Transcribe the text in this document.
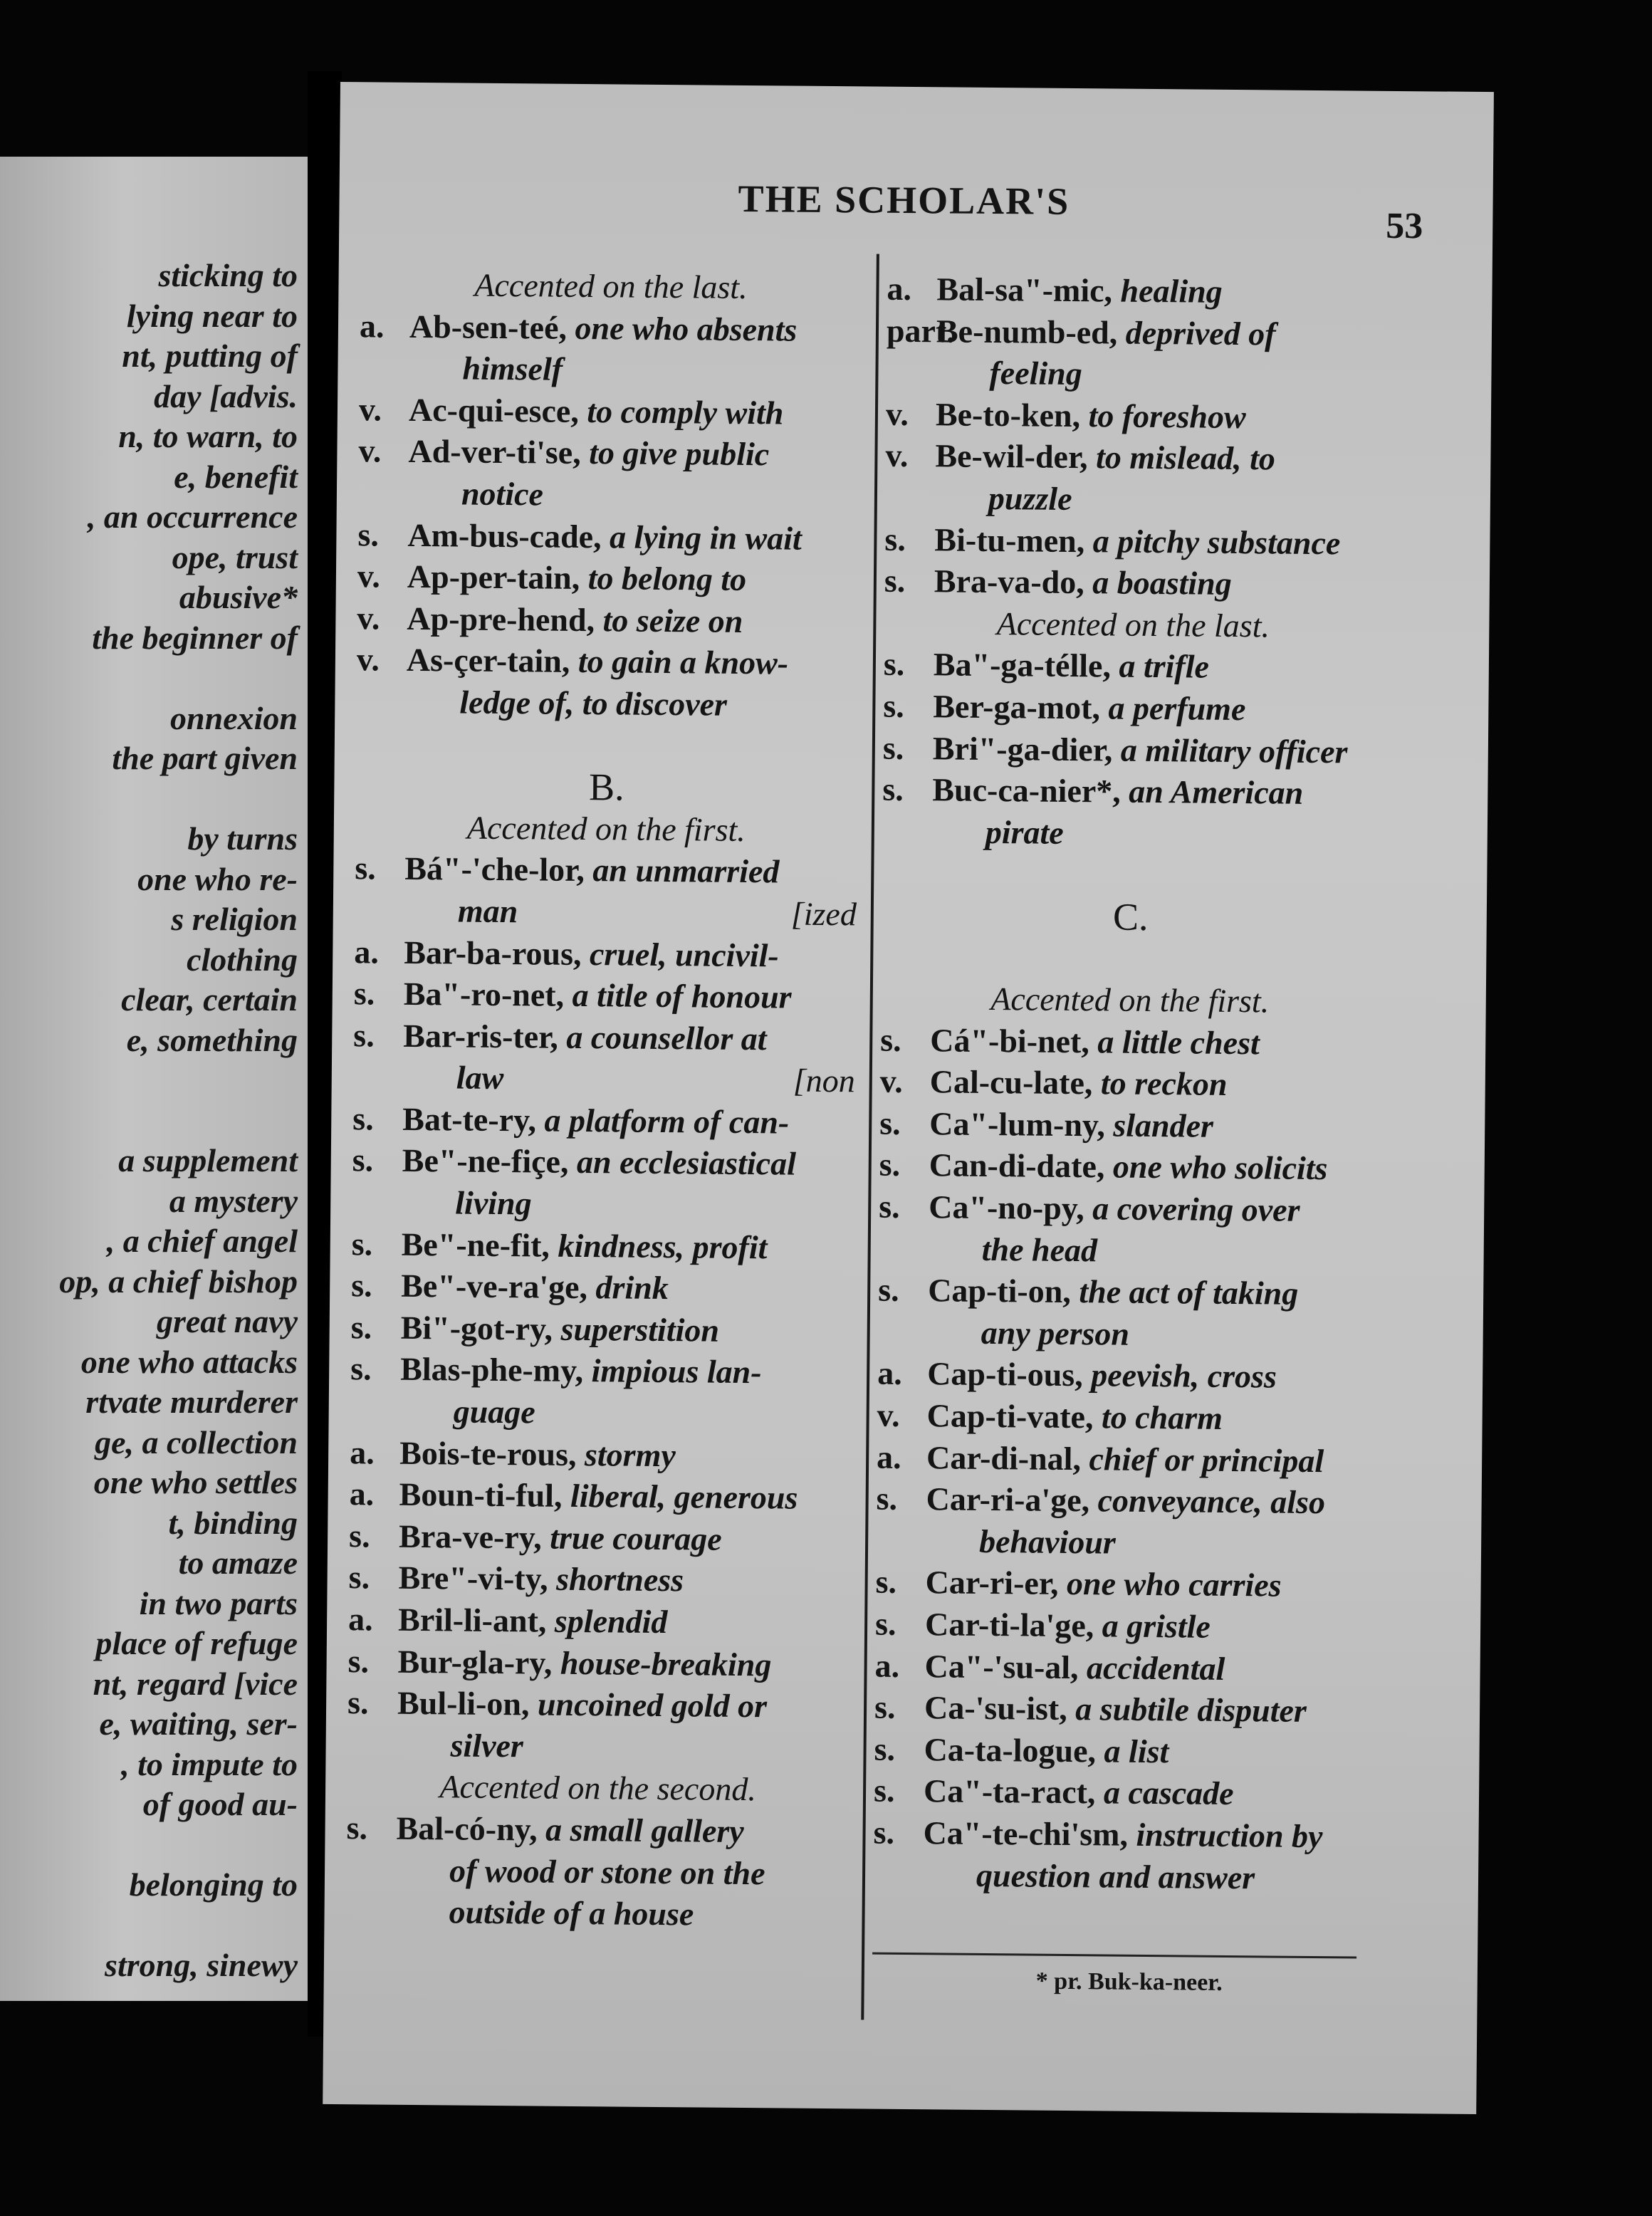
sticking to
lying near to
nt, putting of
day [advis.
n, to warn, to
e, benefit
, an occurrence
ope, trust
abusive*
the beginner of
onnexion
the part given
by turns
one who re-
s religion
clothing
clear, certain
e, something
a supplement
a mystery
, a chief angel
op, a chief bishop
great navy
one who attacks
rtvate murderer
ge, a collection
one who settles
t, binding
to amaze
in two parts
place of refuge
nt, regard [vice
e, waiting, ser-
, to impute to
of good au-
belonging to
strong, sinewy
THE SCHOLAR'S
53
Accented on the last.
a. Ab-sen-teé, one who absents
himself
v. Ac-qui-esce, to comply with
v. Ad-ver-ti'se, to give public
notice
s. Am-bus-cade, a lying in wait
v. Ap-per-tain, to belong to
v. Ap-pre-hend, to seize on
v. As-çer-tain, to gain a know-
ledge of, to discover
B.
Accented on the first.
s. Bá"-'che-lor, an unmarried
man	[ized
a. Bar-ba-rous, cruel, uncivil-
s. Ba"-ro-net, a title of honour
s. Bar-ris-ter, a counsellor at
law	[non
s. Bat-te-ry, a platform of can-
s. Be"-ne-fiçe, an ecclesiastical
living
s. Be"-ne-fit, kindness, profit
s. Be"-ve-ra'ge, drink
s. Bi"-got-ry, superstition
s. Blas-phe-my, impious lan-
guage
a. Bois-te-rous, stormy
a. Boun-ti-ful, liberal, generous
s. Bra-ve-ry, true courage
s. Bre"-vi-ty, shortness
a. Bril-li-ant, splendid
s. Bur-gla-ry, house-breaking
s. Bul-li-on, uncoined gold or
silver
Accented on the second.
s. Bal-có-ny, a small gallery
of wood or stone on the
outside of a house
a. Bal-sa"-mic, healing
part.Be-numb-ed, deprived of
feeling
v. Be-to-ken, to foreshow
v. Be-wil-der, to mislead, to
puzzle
s. Bi-tu-men, a pitchy substance
s. Bra-va-do, a boasting
Accented on the last.
s. Ba"-ga-télle, a trifle
s. Ber-ga-mot, a perfume
s. Bri"-ga-dier, a military officer
s. Buc-ca-nier*, an American
pirate
C.
Accented on the first.
s. Cá"-bi-net, a little chest
v. Cal-cu-late, to reckon
s. Ca"-lum-ny, slander
s. Can-di-date, one who solicits
s. Ca"-no-py, a covering over
the head
s. Cap-ti-on, the act of taking
any person
a. Cap-ti-ous, peevish, cross
v. Cap-ti-vate, to charm
a. Car-di-nal, chief or principal
s. Car-ri-a'ge, conveyance, also
behaviour
s. Car-ri-er, one who carries
s. Car-ti-la'ge, a gristle
a. Ca"-'su-al, accidental
s. Ca-'su-ist, a subtile disputer
s. Ca-ta-logue, a list
s. Ca"-ta-ract, a cascade
s. Ca"-te-chi'sm, instruction by
question and answer
* pr. Buk-ka-neer.
